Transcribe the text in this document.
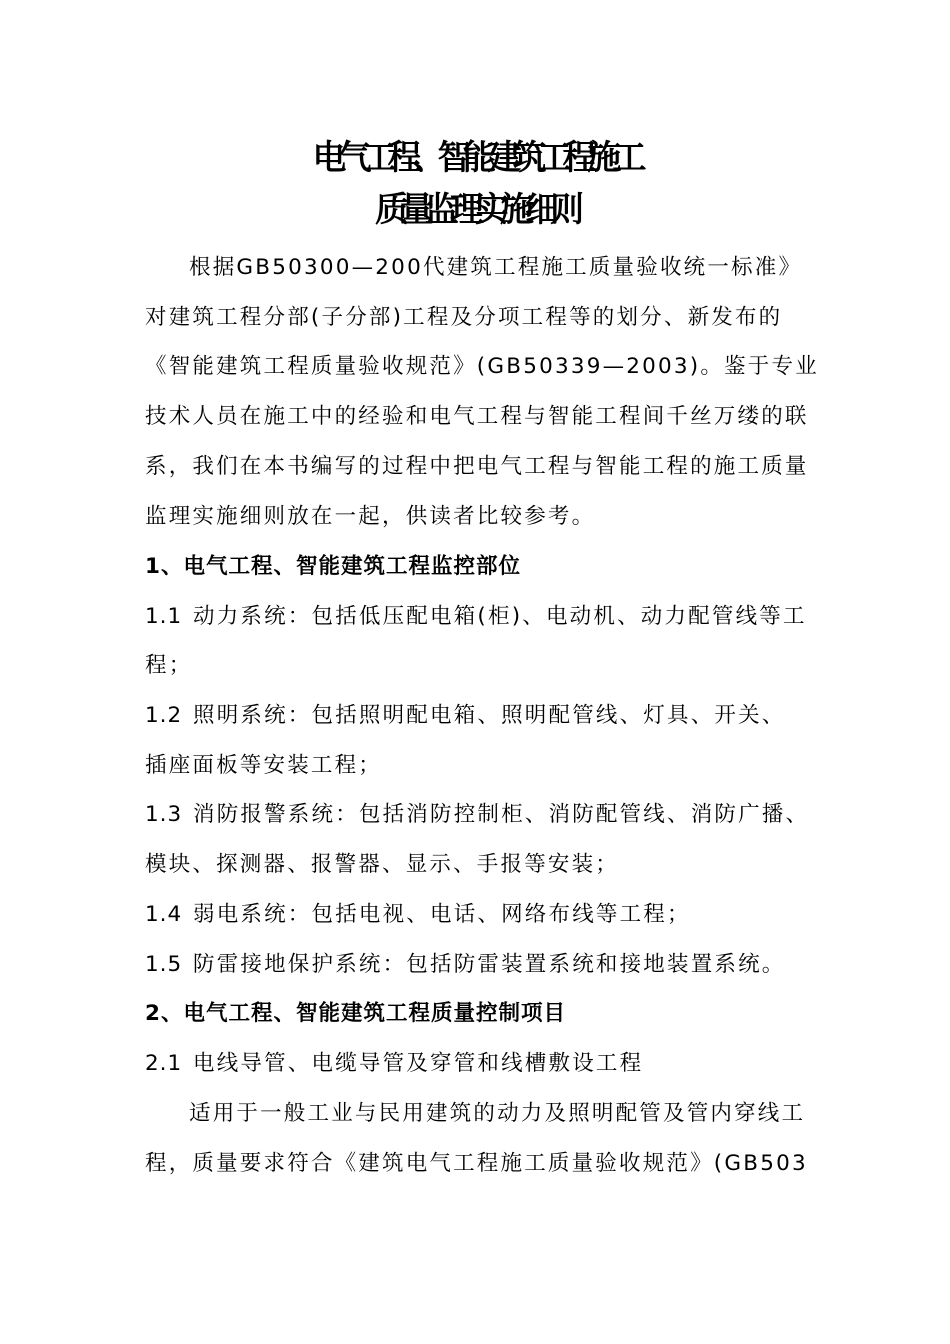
电气工程、智能建筑工程施工
质量监理实施细则
根据GB50300—200代建筑工程施工质量验收统一标准》
对建筑工程分部(子分部)工程及分项工程等的划分、新发布的
《智能建筑工程质量验收规范》(GB50339—2003)。鉴于专业
技术人员在施工中的经验和电气工程与智能工程间千丝万缕的联
系，我们在本书编写的过程中把电气工程与智能工程的施工质量
监理实施细则放在一起，供读者比较参考。
1、电气工程、智能建筑工程监控部位
1.1 动力系统：包括低压配电箱(柜)、电动机、动力配管线等工
程；
1.2 照明系统：包括照明配电箱、照明配管线、灯具、开关、
插座面板等安装工程；
1.3 消防报警系统：包括消防控制柜、消防配管线、消防广播、
模块、探测器、报警器、显示、手报等安装；
1.4 弱电系统：包括电视、电话、网络布线等工程；
1.5 防雷接地保护系统：包括防雷装置系统和接地装置系统。
2、电气工程、智能建筑工程质量控制项目
2.1 电线导管、电缆导管及穿管和线槽敷设工程
适用于一般工业与民用建筑的动力及照明配管及管内穿线工
程，质量要求符合《建筑电气工程施工质量验收规范》(GB503
